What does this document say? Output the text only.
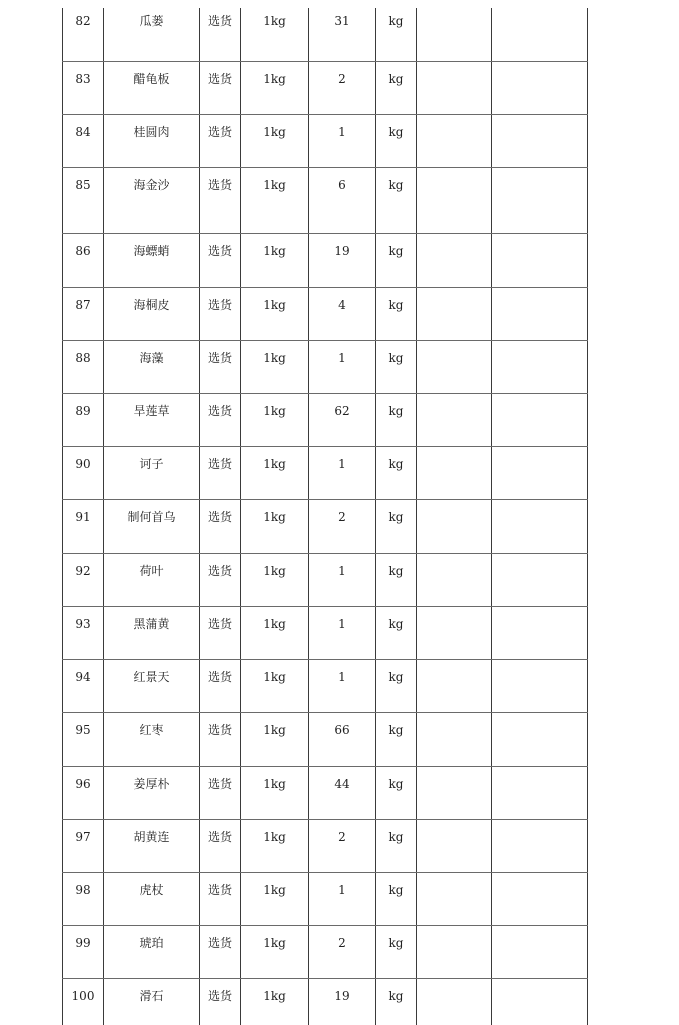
82	瓜蒌	选货	1kg	31	kg		

83	醋龟板	选货	1kg	2	kg		

84	桂圆肉	选货	1kg	1	kg		

85	海金沙	选货	1kg	6	kg		

86	海螵蛸	选货	1kg	19	kg		

87	海桐皮	选货	1kg	4	kg		

88	海藻	选货	1kg	1	kg		

89	旱莲草	选货	1kg	62	kg		

90	诃子	选货	1kg	1	kg		

91	制何首乌	选货	1kg	2	kg		

92	荷叶	选货	1kg	1	kg		

93	黑蒲黄	选货	1kg	1	kg		

94	红景天	选货	1kg	1	kg		

95	红枣	选货	1kg	66	kg		

96	姜厚朴	选货	1kg	44	kg		

97	胡黄连	选货	1kg	2	kg		

98	虎杖	选货	1kg	1	kg		

99	琥珀	选货	1kg	2	kg		

100	滑石	选货	1kg	19	kg		
